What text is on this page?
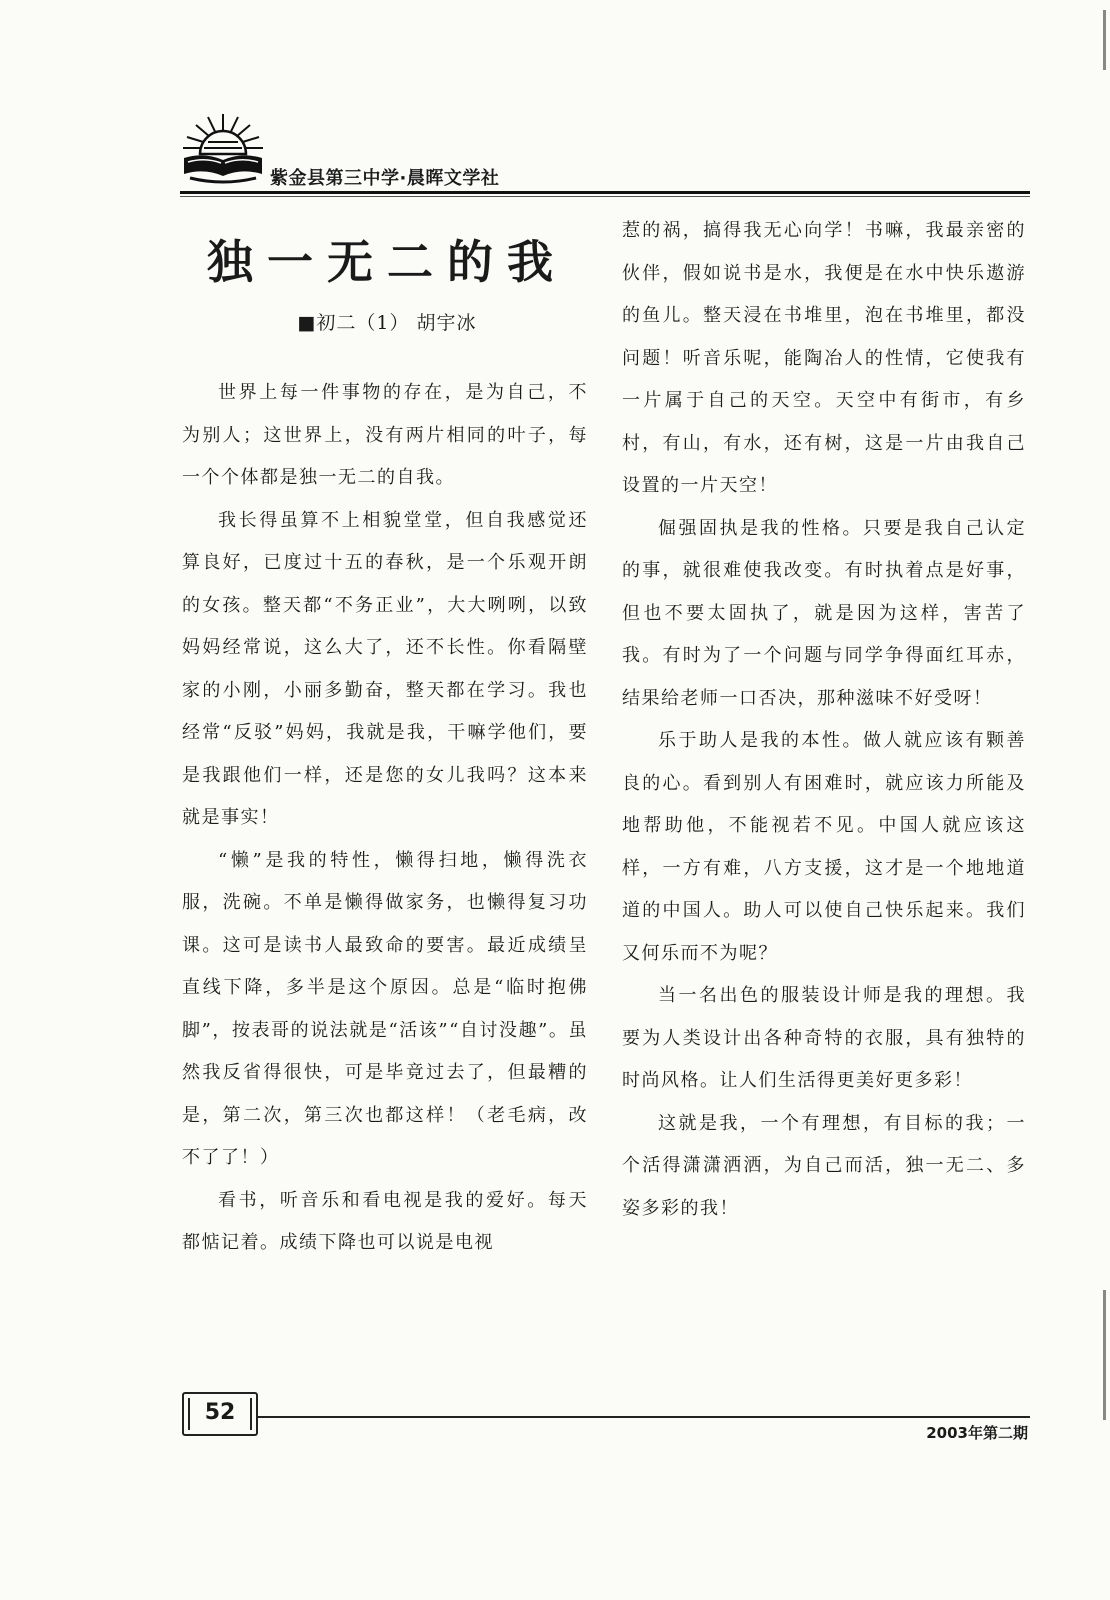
紫金县第三中学·晨晖文学社
独一无二的我
■初二（1） 胡宇冰

世界上每一件事物的存在，是为自己，不为别人；这世界上，没有两片相同的叶子，每一个个体都是独一无二的自我。

我长得虽算不上相貌堂堂，但自我感觉还算良好，已度过十五的春秋，是一个乐观开朗的女孩。整天都“不务正业”，大大咧咧，以致妈妈经常说，这么大了，还不长性。你看隔壁家的小刚，小丽多勤奋，整天都在学习。我也经常“反驳”妈妈，我就是我，干嘛学他们，要是我跟他们一样，还是您的女儿我吗？这本来就是事实！

“懒”是我的特性，懒得扫地，懒得洗衣服，洗碗。不单是懒得做家务，也懒得复习功课。这可是读书人最致命的要害。最近成绩呈直线下降，多半是这个原因。总是“临时抱佛脚”，按表哥的说法就是“活该”“自讨没趣”。虽然我反省得很快，可是毕竟过去了，但最糟的是，第二次，第三次也都这样！（老毛病，改不了了！）

看书，听音乐和看电视是我的爱好。每天都惦记着。成绩下降也可以说是电视

惹的祸，搞得我无心向学！书嘛，我最亲密的伙伴，假如说书是水，我便是在水中快乐遨游的鱼儿。整天浸在书堆里，泡在书堆里，都没问题！听音乐呢，能陶冶人的性情，它使我有一片属于自己的天空。天空中有街市，有乡村，有山，有水，还有树，这是一片由我自己设置的一片天空！

倔强固执是我的性格。只要是我自己认定的事，就很难使我改变。有时执着点是好事，但也不要太固执了，就是因为这样，害苦了我。有时为了一个问题与同学争得面红耳赤，结果给老师一口否决，那种滋味不好受呀！

乐于助人是我的本性。做人就应该有颗善良的心。看到别人有困难时，就应该力所能及地帮助他，不能视若不见。中国人就应该这样，一方有难，八方支援，这才是一个地地道道的中国人。助人可以使自己快乐起来。我们又何乐而不为呢？

当一名出色的服装设计师是我的理想。我要为人类设计出各种奇特的衣服，具有独特的时尚风格。让人们生活得更美好更多彩！

这就是我，一个有理想，有目标的我；一个活得潇潇洒洒，为自己而活，独一无二、多姿多彩的我！

52
2003年第二期
